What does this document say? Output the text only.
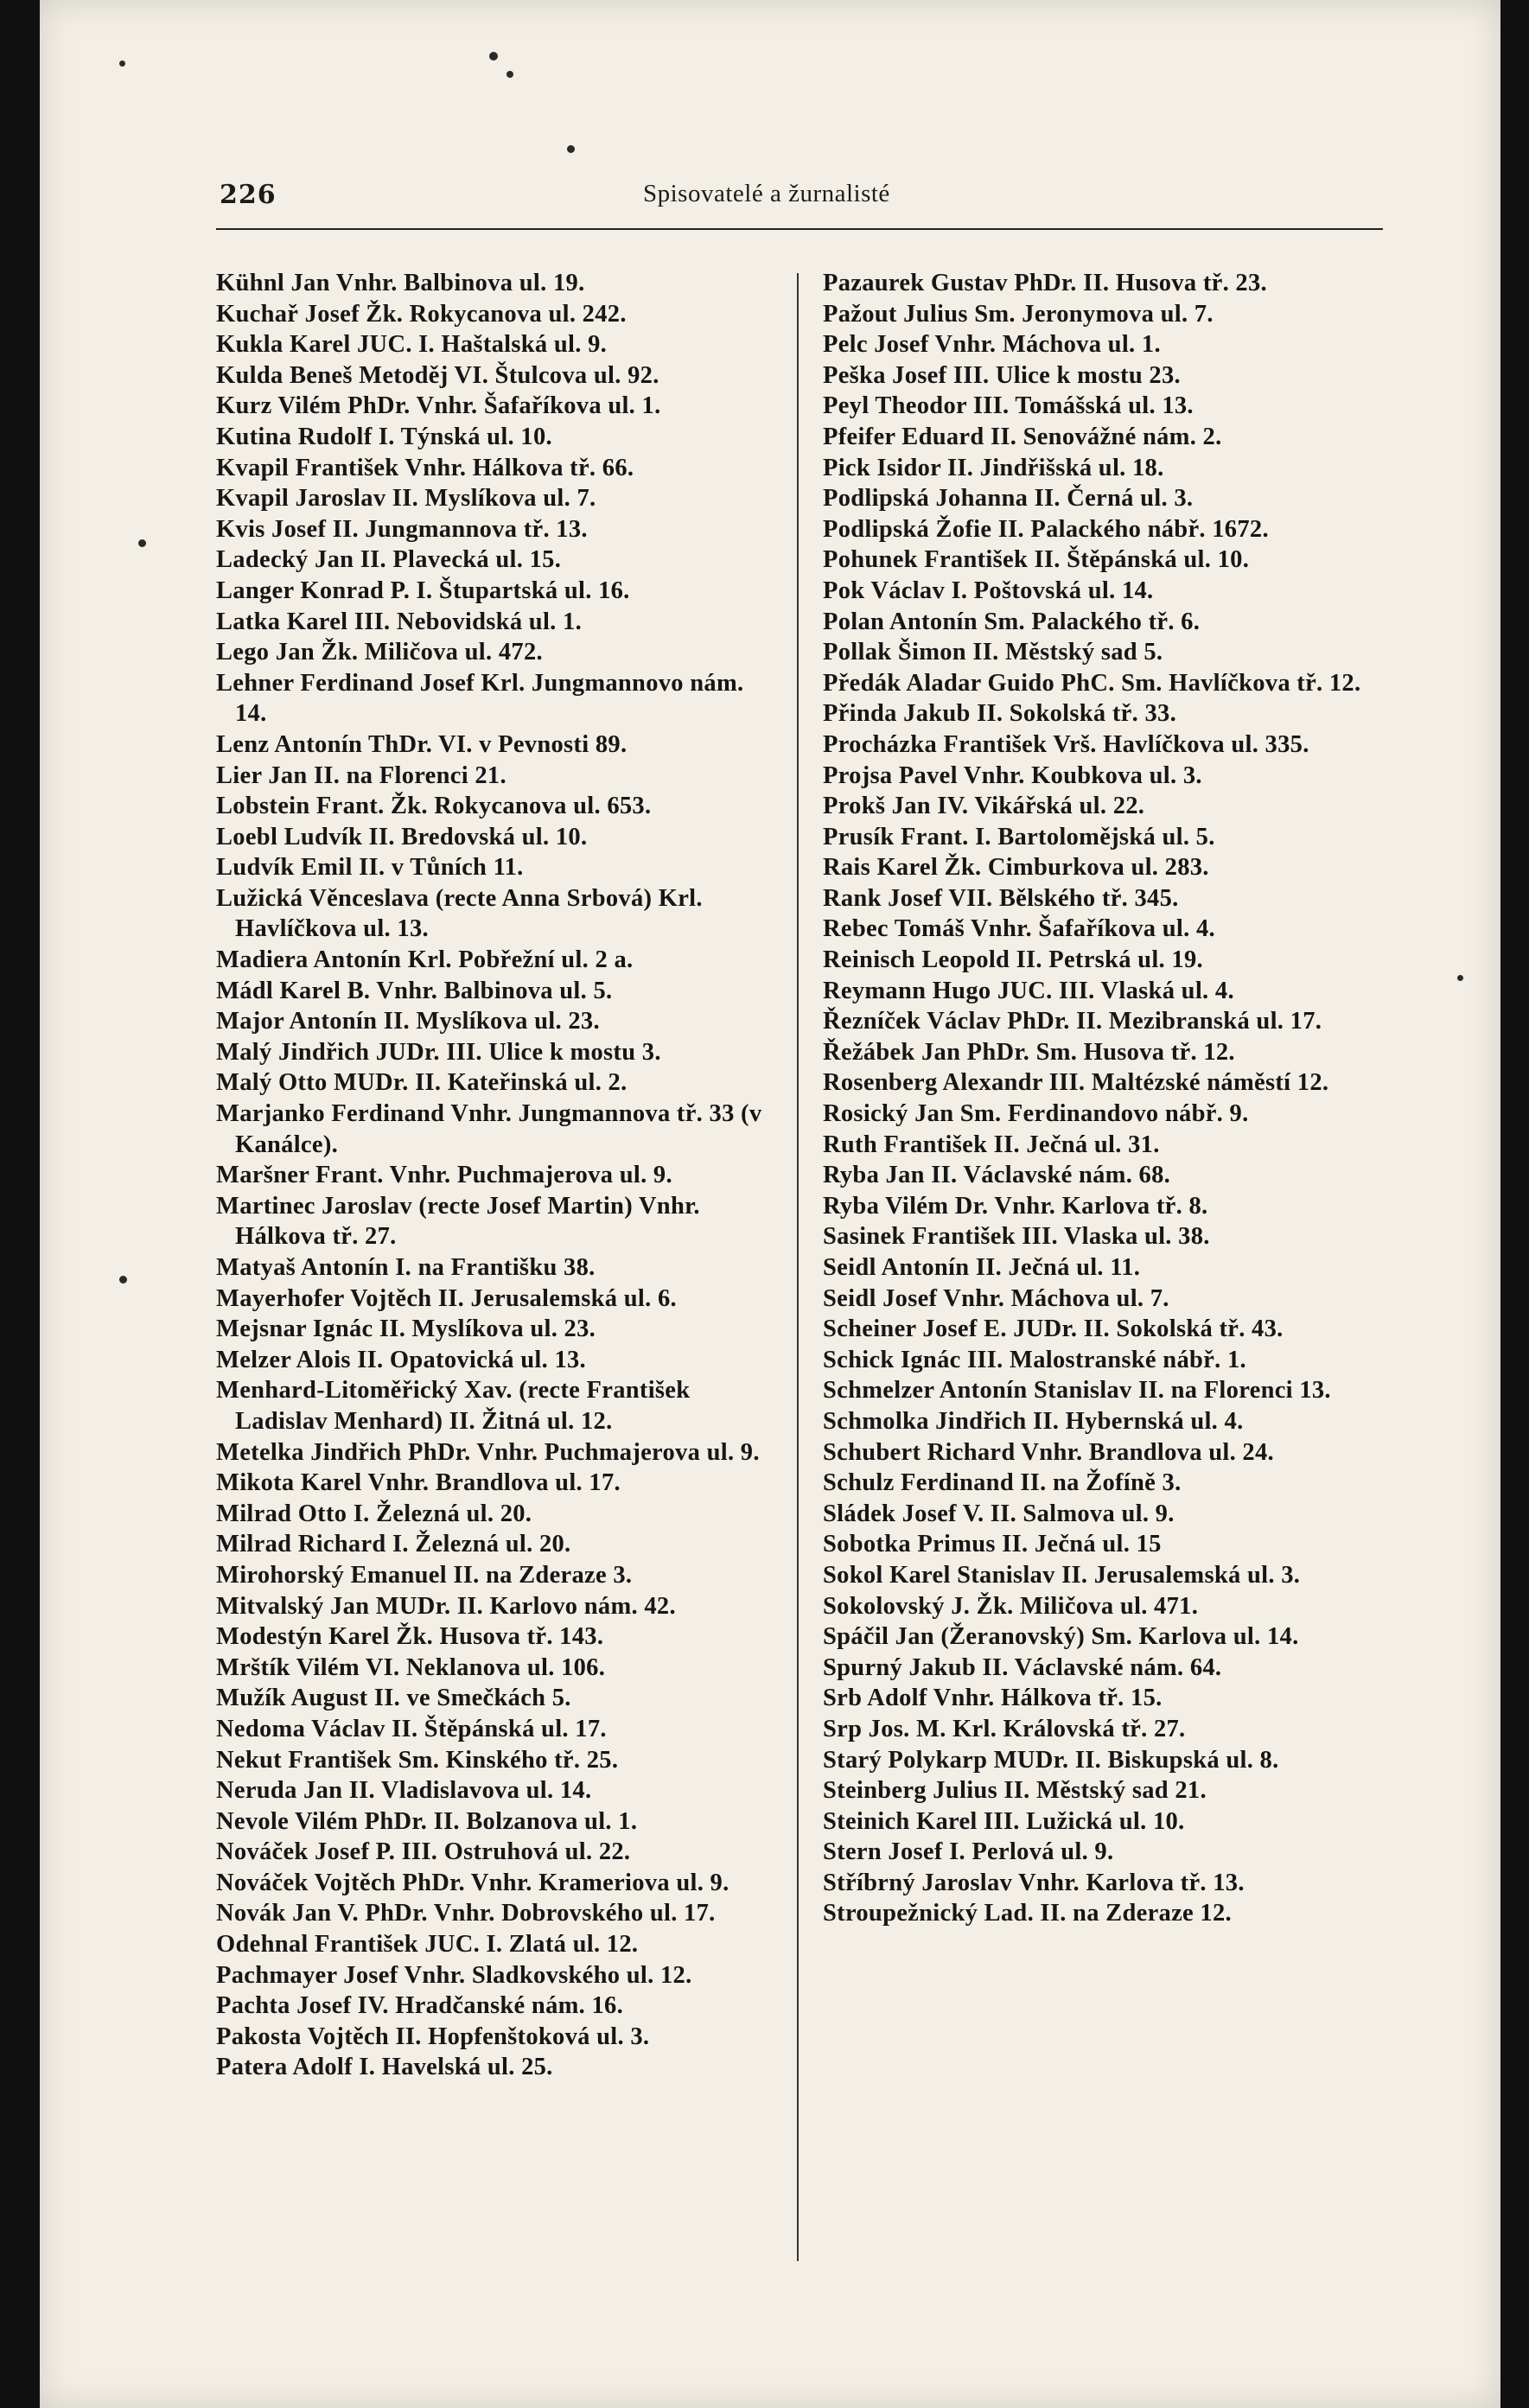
226	Spisovatelé a žurnalisté

Kühnl Jan Vnhr. Balbinova ul. 19.

Kuchař Josef Žk. Rokycanova ul. 242.

Kukla Karel JUC. I. Haštalská ul. 9.

Kulda Beneš Metoděj VI. Štulcova ul. 92.

Kurz Vilém PhDr. Vnhr. Šafaříkova ul. 1.

Kutina Rudolf I. Týnská ul. 10.

Kvapil František Vnhr. Hálkova tř. 66.

Kvapil Jaroslav II. Myslíkova ul. 7.

Kvis Josef II. Jungmannova tř. 13.

Ladecký Jan II. Plavecká ul. 15.

Langer Konrad P. I. Štupartská ul. 16.

Latka Karel III. Nebovidská ul. 1.

Lego Jan Žk. Miličova ul. 472.

Lehner Ferdinand Josef Krl. Jungmannovo nám. 14.

Lenz Antonín ThDr. VI. v Pevnosti 89.

Lier Jan II. na Florenci 21.

Lobstein Frant. Žk. Rokycanova ul. 653.

Loebl Ludvík II. Bredovská ul. 10.

Ludvík Emil II. v Tůních 11.

Lužická Věnceslava (recte Anna Srbová) Krl. Havlíčkova ul. 13.

Madiera Antonín Krl. Pobřežní ul. 2 a.

Mádl Karel B. Vnhr. Balbinova ul. 5.

Major Antonín II. Myslíkova ul. 23.

Malý Jindřich JUDr. III. Ulice k mostu 3.

Malý Otto MUDr. II. Kateřinská ul. 2.

Marjanko Ferdinand Vnhr. Jungmannova tř. 33 (v Kanálce).

Maršner Frant. Vnhr. Puchmajerova ul. 9.

Martinec Jaroslav (recte Josef Martin) Vnhr. Hálkova tř. 27.

Matyaš Antonín I. na Františku 38.

Mayerhofer Vojtěch II. Jerusalemská ul. 6.

Mejsnar Ignác II. Myslíkova ul. 23.

Melzer Alois II. Opatovická ul. 13.

Menhard-Litoměřický Xav. (recte František Ladislav Menhard) II. Žitná ul. 12.

Metelka Jindřich PhDr. Vnhr. Puchmajerova ul. 9.

Mikota Karel Vnhr. Brandlova ul. 17.

Milrad Otto I. Železná ul. 20.

Milrad Richard I. Železná ul. 20.

Mirohorský Emanuel II. na Zderaze 3.

Mitvalský Jan MUDr. II. Karlovo nám. 42.

Modestýn Karel Žk. Husova tř. 143.

Mrštík Vilém VI. Neklanova ul. 106.

Mužík August II. ve Smečkách 5.

Nedoma Václav II. Štěpánská ul. 17.

Nekut František Sm. Kinského tř. 25.

Neruda Jan II. Vladislavova ul. 14.

Nevole Vilém PhDr. II. Bolzanova ul. 1.

Nováček Josef P. III. Ostruhová ul. 22.

Nováček Vojtěch PhDr. Vnhr. Krameriova ul. 9.

Novák Jan V. PhDr. Vnhr. Dobrovského ul. 17.

Odehnal František JUC. I. Zlatá ul. 12.

Pachmayer Josef Vnhr. Sladkovského ul. 12.

Pachta Josef IV. Hradčanské nám. 16.

Pakosta Vojtěch II. Hopfenštoková ul. 3.

Patera Adolf I. Havelská ul. 25.

Pazaurek Gustav PhDr. II. Husova tř. 23.

Pažout Julius Sm. Jeronymova ul. 7.

Pelc Josef Vnhr. Máchova ul. 1.

Peška Josef III. Ulice k mostu 23.

Peyl Theodor III. Tomášská ul. 13.

Pfeifer Eduard II. Senovážné nám. 2.

Pick Isidor II. Jindřišská ul. 18.

Podlipská Johanna II. Černá ul. 3.

Podlipská Žofie II. Palackého nábř. 1672.

Pohunek František II. Štěpánská ul. 10.

Pok Václav I. Poštovská ul. 14.

Polan Antonín Sm. Palackého tř. 6.

Pollak Šimon II. Městský sad 5.

Předák Aladar Guido PhC. Sm. Havlíčkova tř. 12.

Přinda Jakub II. Sokolská tř. 33.

Procházka František Vrš. Havlíčkova ul. 335.

Projsa Pavel Vnhr. Koubkova ul. 3.

Prokš Jan IV. Vikářská ul. 22.

Prusík Frant. I. Bartolomějská ul. 5.

Rais Karel Žk. Cimburkova ul. 283.

Rank Josef VII. Bělského tř. 345.

Rebec Tomáš Vnhr. Šafaříkova ul. 4.

Reinisch Leopold II. Petrská ul. 19.

Reymann Hugo JUC. III. Vlaská ul. 4.

Řezníček Václav PhDr. II. Mezibranská ul. 17.

Řežábek Jan PhDr. Sm. Husova tř. 12.

Rosenberg Alexandr III. Maltézské náměstí 12.

Rosický Jan Sm. Ferdinandovo nábř. 9.

Ruth František II. Ječná ul. 31.

Ryba Jan II. Václavské nám. 68.

Ryba Vilém Dr. Vnhr. Karlova tř. 8.

Sasinek František III. Vlaska ul. 38.

Seidl Antonín II. Ječná ul. 11.

Seidl Josef Vnhr. Máchova ul. 7.

Scheiner Josef E. JUDr. II. Sokolská tř. 43.

Schick Ignác III. Malostranské nábř. 1.

Schmelzer Antonín Stanislav II. na Florenci 13.

Schmolka Jindřich II. Hybernská ul. 4.

Schubert Richard Vnhr. Brandlova ul. 24.

Schulz Ferdinand II. na Žofíně 3.

Sládek Josef V. II. Salmova ul. 9.

Sobotka Primus II. Ječná ul. 15

Sokol Karel Stanislav II. Jerusalemská ul. 3.

Sokolovský J. Žk. Miličova ul. 471.

Spáčil Jan (Žeranovský) Sm. Karlova ul. 14.

Spurný Jakub II. Václavské nám. 64.

Srb Adolf Vnhr. Hálkova tř. 15.

Srp Jos. M. Krl. Královská tř. 27.

Starý Polykarp MUDr. II. Biskupská ul. 8.

Steinberg Julius II. Městský sad 21.

Steinich Karel III. Lužická ul. 10.

Stern Josef I. Perlová ul. 9.

Stříbrný Jaroslav Vnhr. Karlova tř. 13.

Stroupežnický Lad. II. na Zderaze 12.
